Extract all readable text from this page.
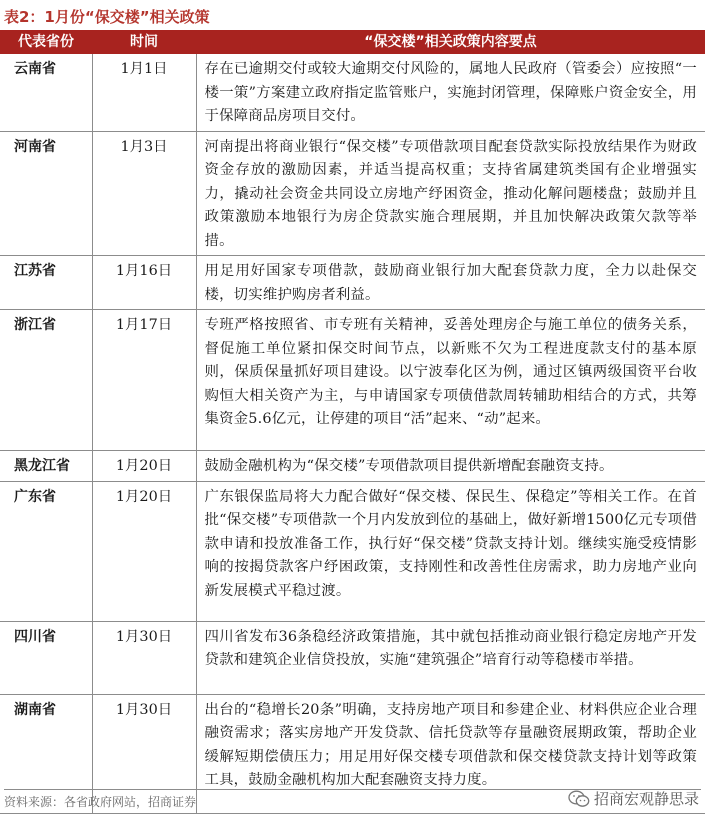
表2：1月份“保交楼”相关政策
代表省份	时间	“保交楼”相关政策内容要点
云南省	1月1日	存在已逾期交付或较大逾期交付风险的，属地人民政府（管委会）应按照“一楼一策”方案建立政府指定监管账户，实施封闭管理，保障账户资金安全，用于保障商品房项目交付。
河南省	1月3日	河南提出将商业银行“保交楼”专项借款项目配套贷款实际投放结果作为财政资金存放的激励因素，并适当提高权重；支持省属建筑类国有企业增强实力，撬动社会资金共同设立房地产纾困资金，推动化解问题楼盘；鼓励并且政策激励本地银行为房企贷款实施合理展期，并且加快解决政策欠款等举措。
江苏省	1月16日	用足用好国家专项借款，鼓励商业银行加大配套贷款力度，全力以赴保交楼，切实维护购房者利益。
浙江省	1月17日	专班严格按照省、市专班有关精神，妥善处理房企与施工单位的债务关系，督促施工单位紧扣保交时间节点，以新账不欠为工程进度款支付的基本原则，保质保量抓好项目建设。以宁波奉化区为例，通过区镇两级国资平台收购恒大相关资产为主，与申请国家专项债借款周转辅助相结合的方式，共筹集资金5.6亿元，让停建的项目“活”起来、“动”起来。
黑龙江省	1月20日	鼓励金融机构为“保交楼”专项借款项目提供新增配套融资支持。
广东省	1月20日	广东银保监局将大力配合做好“保交楼、保民生、保稳定”等相关工作。在首批“保交楼”专项借款一个月内发放到位的基础上，做好新增1500亿元专项借款申请和投放准备工作，执行好“保交楼”贷款支持计划。继续实施受疫情影响的按揭贷款客户纾困政策，支持刚性和改善性住房需求，助力房地产业向新发展模式平稳过渡。
四川省	1月30日	四川省发布36条稳经济政策措施，其中就包括推动商业银行稳定房地产开发贷款和建筑企业信贷投放，实施“建筑强企”培育行动等稳楼市举措。
湖南省	1月30日	出台的“稳增长20条”明确，支持房地产项目和参建企业、材料供应企业合理融资需求；落实房地产开发贷款、信托贷款等存量融资展期政策，帮助企业缓解短期偿债压力；用足用好保交楼专项借款和保交楼贷款支持计划等政策工具，鼓励金融机构加大配套融资支持力度。
资料来源：各省政府网站，招商证券	招商宏观静思录
